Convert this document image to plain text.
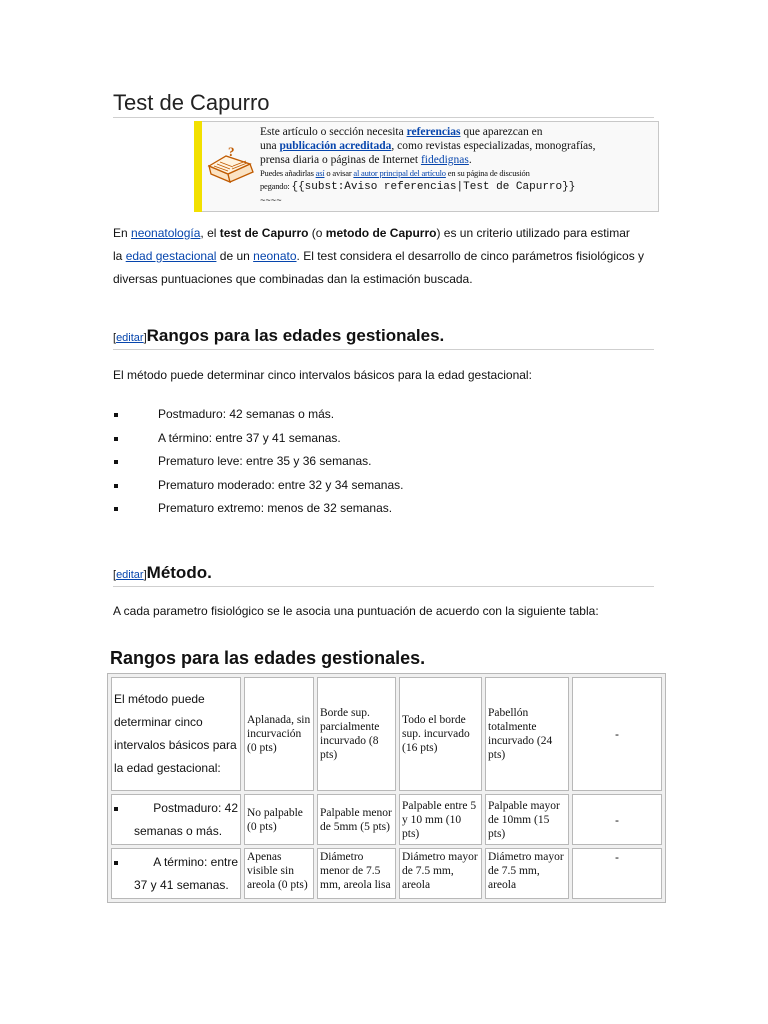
Test de Capurro
?
Este artículo o sección necesita referencias que aparezcan en
una publicación acreditada, como revistas especializadas, monografías,
prensa diaria o páginas de Internet fidedignas.
Puedes añadirlas así o avisar al autor principal del artículo en su página de discusión
pegando: {{subst:Aviso referencias|Test de Capurro}}
~~~~
En neonatología, el test de Capurro (o metodo de Capurro) es un criterio utilizado para estimar
la edad gestacional de un neonato. El test considera el desarrollo de cinco parámetros fisiológicos y
diversas puntuaciones que combinadas dan la estimación buscada.
[editar]Rangos para las edades gestionales.
El método puede determinar cinco intervalos básicos para la edad gestacional:
Postmaduro: 42 semanas o más.
A término: entre 37 y 41 semanas.
Prematuro leve: entre 35 y 36 semanas.
Prematuro moderado: entre 32 y 34 semanas.
Prematuro extremo: menos de 32 semanas.
[editar]Método.
A cada parametro fisiológico se le asocia una puntuación de acuerdo con la siguiente tabla:
Rangos para las edades gestionales.
El método puede determinar cinco intervalos básicos para la edad gestacional:	Aplanada, sin incurvación (0 pts)	Borde sup. parcialmente incurvado (8 pts)	Todo el borde sup. incurvado (16 pts)	Pabellón totalmente incurvado (24 pts)	-

Postmaduro: 42
semanas o más.	No palpable (0 pts)	Palpable menor de 5mm (5 pts)	Palpable entre 5 y 10 mm (10 pts)	Palpable mayor de 10mm (15 pts)	-

A término: entre
37 y 41 semanas.	Apenas visible sin areola (0 pts)	Diámetro menor de 7.5 mm, areola lisa	Diámetro mayor de 7.5 mm, areola	Diámetro mayor de 7.5 mm, areola	-
